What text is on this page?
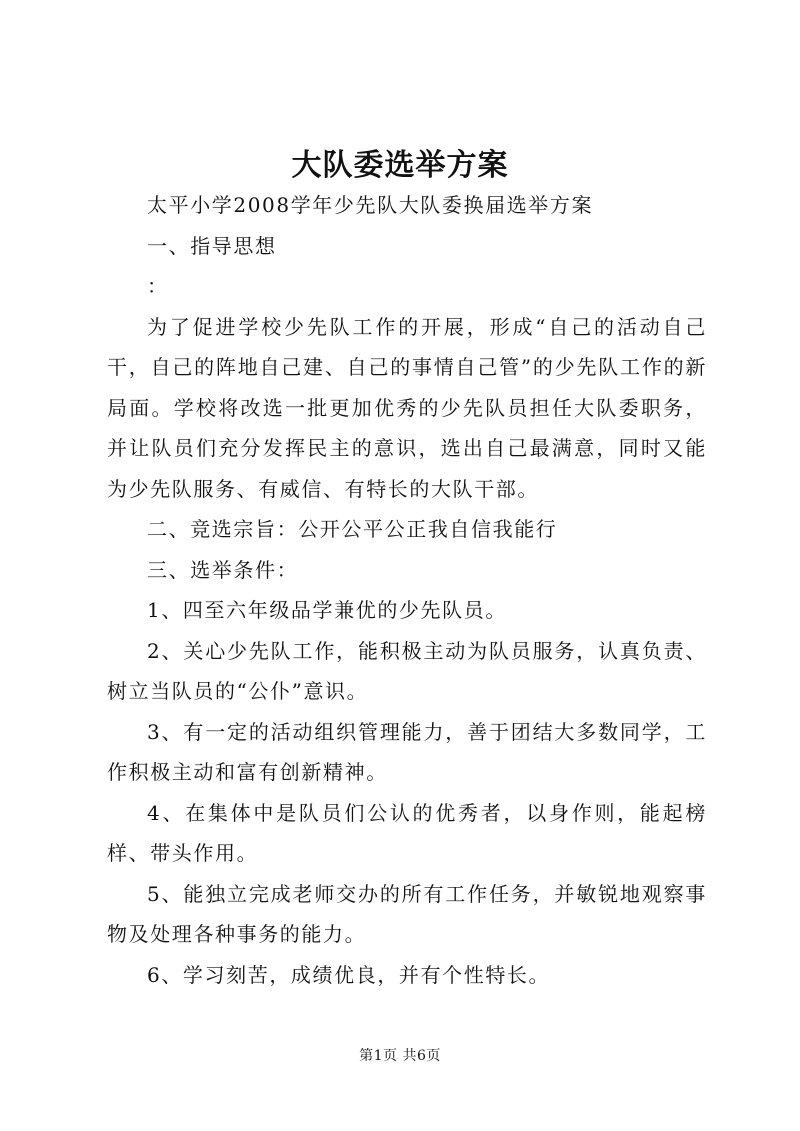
大队委选举方案

太平小学2008学年少先队大队委换届选举方案

一、指导思想

：

为了促进学校少先队工作的开展，形成“自己的活动自己干，自己的阵地自己建、自己的事情自己管”的少先队工作的新局面。学校将改选一批更加优秀的少先队员担任大队委职务，并让队员们充分发挥民主的意识，选出自己最满意，同时又能为少先队服务、有威信、有特长的大队干部。

二、竞选宗旨：公开公平公正我自信我能行

三、选举条件：

1、四至六年级品学兼优的少先队员。

2、关心少先队工作，能积极主动为队员服务，认真负责、树立当队员的“公仆”意识。

3、有一定的活动组织管理能力，善于团结大多数同学，工作积极主动和富有创新精神。

4、在集体中是队员们公认的优秀者，以身作则，能起榜样、带头作用。

5、能独立完成老师交办的所有工作任务，并敏锐地观察事物及处理各种事务的能力。

6、学习刻苦，成绩优良，并有个性特长。

第1页 共6页
